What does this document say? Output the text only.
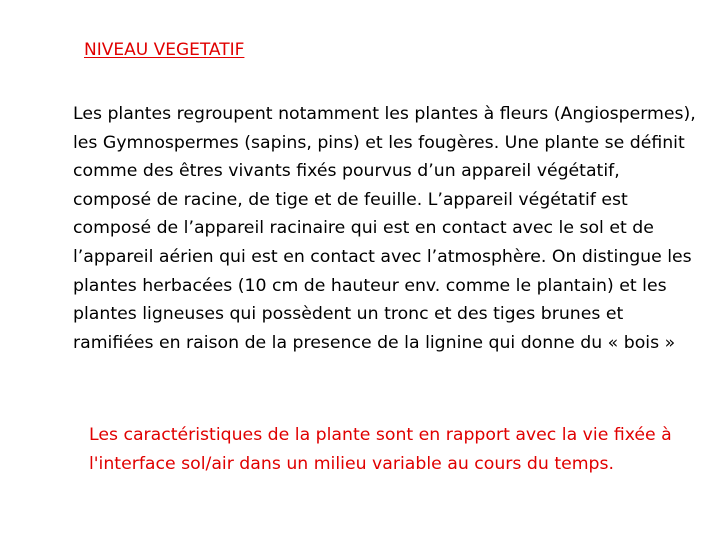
NIVEAU VEGETATIF

Les plantes regroupent notamment les plantes à fleurs (Angiospermes), les Gymnospermes (sapins, pins) et les fougères. Une plante se définit comme des êtres vivants fixés pourvus d’un appareil végétatif, composé de racine, de tige et de feuille. L’appareil végétatif est composé de l’appareil racinaire qui est en contact avec le sol et de l’appareil aérien qui est en contact avec l’atmosphère. On distingue les plantes herbacées (10 cm de hauteur env. comme le plantain) et les plantes ligneuses qui possèdent un tronc et des tiges brunes et ramifiées en raison de la presence de la lignine qui donne du « bois »

Les caractéristiques de la plante sont en rapport avec la vie fixée à l'interface sol/air dans un milieu variable au cours du temps.
